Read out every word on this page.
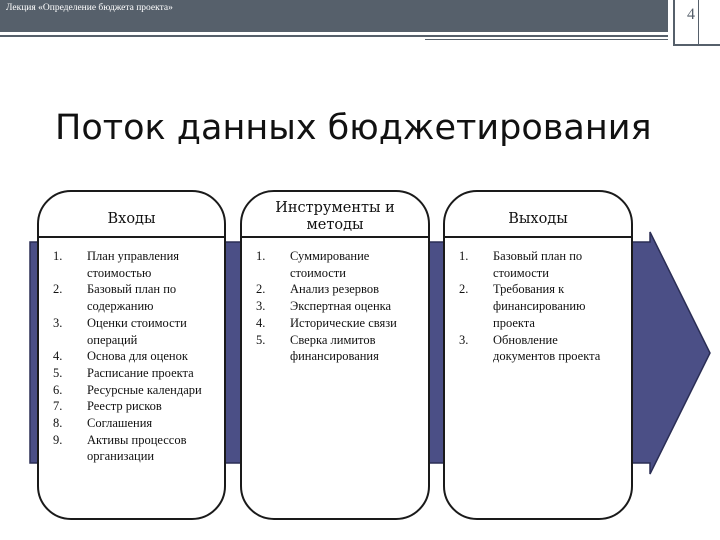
Лекция «Определение бюджета проекта»	4
Поток данных бюджетирования
Входы
1. План управления стоимостью
2. Базовый план по содержанию
3. Оценки стоимости операций
4. Основа для оценок
5. Расписание проекта
6. Ресурсные календари
7. Реестр рисков
8. Соглашения
9. Активы процессов организации
Инструменты и методы
1. Суммирование стоимости
2. Анализ резервов
3. Экспертная оценка
4. Исторические связи
5. Сверка лимитов финансирования
Выходы
1. Базовый план по стоимости
2. Требования к финансированию проекта
3. Обновление документов проекта
